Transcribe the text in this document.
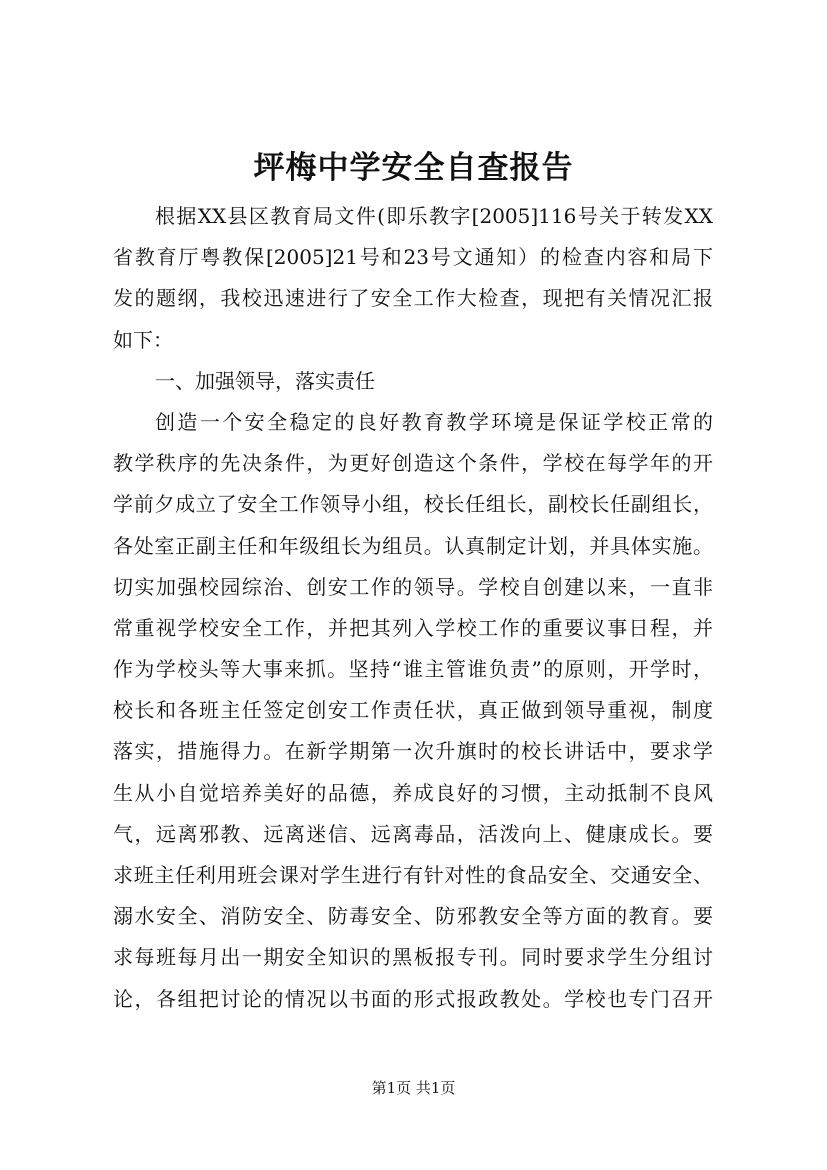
坪梅中学安全自查报告
根据XX县区教育局文件(即乐教字[2005]116号关于转发XX
省教育厅粤教保[2005]21号和23号文通知）的检查内容和局下
发的题纲，我校迅速进行了安全工作大检查，现把有关情况汇报
如下：
一、加强领导，落实责任
创造一个安全稳定的良好教育教学环境是保证学校正常的
教学秩序的先决条件，为更好创造这个条件，学校在每学年的开
学前夕成立了安全工作领导小组，校长任组长，副校长任副组长，
各处室正副主任和年级组长为组员。认真制定计划，并具体实施。
切实加强校园综治、创安工作的领导。学校自创建以来，一直非
常重视学校安全工作，并把其列入学校工作的重要议事日程，并
作为学校头等大事来抓。坚持“谁主管谁负责”的原则，开学时，
校长和各班主任签定创安工作责任状，真正做到领导重视，制度
落实，措施得力。在新学期第一次升旗时的校长讲话中，要求学
生从小自觉培养美好的品德，养成良好的习惯，主动抵制不良风
气，远离邪教、远离迷信、远离毒品，活泼向上、健康成长。要
求班主任利用班会课对学生进行有针对性的食品安全、交通安全、
溺水安全、消防安全、防毒安全、防邪教安全等方面的教育。要
求每班每月出一期安全知识的黑板报专刊。同时要求学生分组讨
论，各组把讨论的情况以书面的形式报政教处。学校也专门召开
第1页 共1页
